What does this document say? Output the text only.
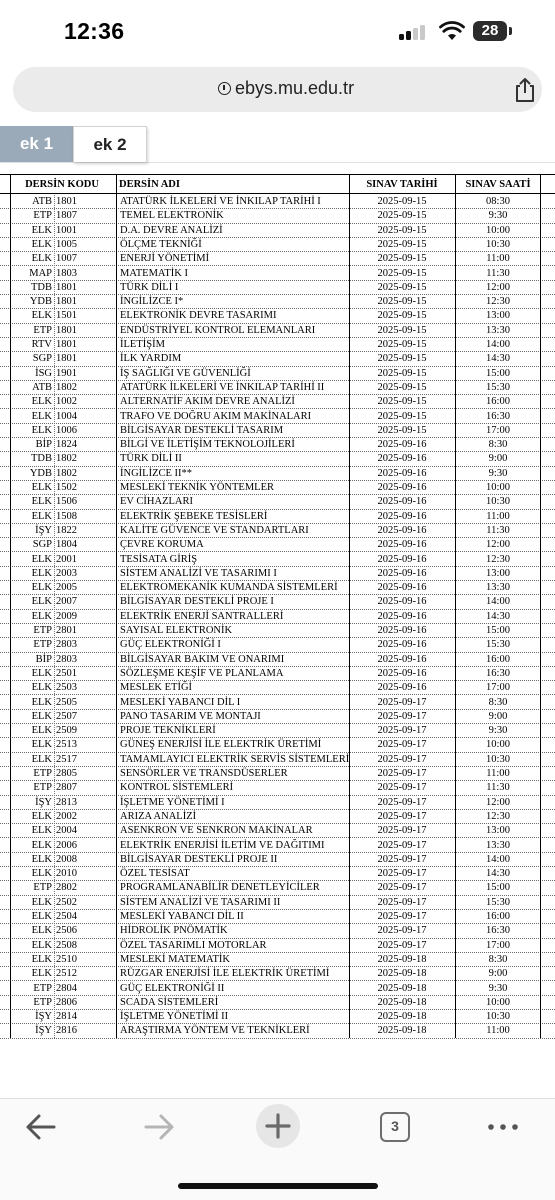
12:36	28
ebys.mu.edu.tr
ek 1	ek 2
DERSİN KODU	DERSİN ADI	SINAV TARİHİ	SINAV SAATİ
ATB 1801	ATATÜRK İLKELERİ VE İNKILAP TARİHİ I	2025-09-15	08:30
ETP 1807	TEMEL ELEKTRONİK	2025-09-15	9:30
ELK 1001	D.A. DEVRE ANALİZİ	2025-09-15	10:00
ELK 1005	ÖLÇME TEKNİĞİ	2025-09-15	10:30
ELK 1007	ENERJİ YÖNETİMİ	2025-09-15	11:00
MAP 1803	MATEMATİK I	2025-09-15	11:30
TDB 1801	TÜRK DİLİ I	2025-09-15	12:00
YDB 1801	İNGİLİZCE I*	2025-09-15	12:30
ELK 1501	ELEKTRONİK DEVRE TASARIMI	2025-09-15	13:00
ETP 1801	ENDÜSTRİYEL KONTROL ELEMANLARI	2025-09-15	13:30
RTV 1801	İLETİŞİM	2025-09-15	14:00
SGP 1801	İLK YARDIM	2025-09-15	14:30
İSG 1901	İŞ SAĞLIĞI VE GÜVENLİĞİ	2025-09-15	15:00
ATB 1802	ATATÜRK İLKELERİ VE İNKILAP TARİHİ II	2025-09-15	15:30
ELK 1002	ALTERNATİF AKIM DEVRE ANALİZİ	2025-09-15	16:00
ELK 1004	TRAFO VE DOĞRU AKIM MAKİNALARI	2025-09-15	16:30
ELK 1006	BİLGİSAYAR DESTEKLİ TASARIM	2025-09-15	17:00
BİP 1824	BİLGİ VE İLETİŞİM TEKNOLOJİLERİ	2025-09-16	8:30
TDB 1802	TÜRK DİLİ II	2025-09-16	9:00
YDB 1802	İNGİLİZCE II**	2025-09-16	9:30
ELK 1502	MESLEKİ TEKNİK YÖNTEMLER	2025-09-16	10:00
ELK 1506	EV CİHAZLARI	2025-09-16	10:30
ELK 1508	ELEKTRİK ŞEBEKE TESİSLERİ	2025-09-16	11:00
İŞY 1822	KALİTE GÜVENCE VE STANDARTLARI	2025-09-16	11:30
SGP 1804	ÇEVRE KORUMA	2025-09-16	12:00
ELK 2001	TESİSATA GİRİŞ	2025-09-16	12:30
ELK 2003	SİSTEM ANALİZİ VE TASARIMI I	2025-09-16	13:00
ELK 2005	ELEKTROMEKANİK KUMANDA SİSTEMLERİ	2025-09-16	13:30
ELK 2007	BİLGİSAYAR DESTEKLİ PROJE I	2025-09-16	14:00
ELK 2009	ELEKTRİK ENERJİ SANTRALLERİ	2025-09-16	14:30
ETP 2801	SAYISAL ELEKTRONİK	2025-09-16	15:00
ETP 2803	GÜÇ ELEKTRONİĞİ I	2025-09-16	15:30
BİP 2803	BİLGİSAYAR BAKIM VE ONARIMI	2025-09-16	16:00
ELK 2501	SÖZLEŞME KEŞİF VE PLANLAMA	2025-09-16	16:30
ELK 2503	MESLEK ETİĞİ	2025-09-16	17:00
ELK 2505	MESLEKİ YABANCI DİL I	2025-09-17	8:30
ELK 2507	PANO TASARIM VE MONTAJI	2025-09-17	9:00
ELK 2509	PROJE TEKNİKLERİ	2025-09-17	9:30
ELK 2513	GÜNEŞ ENERJİSİ İLE ELEKTRİK ÜRETİMİ	2025-09-17	10:00
ELK 2517	TAMAMLAYICI ELEKTRİK SERVİS SİSTEMLERİ	2025-09-17	10:30
ETP 2805	SENSÖRLER VE TRANSDÜSERLER	2025-09-17	11:00
ETP 2807	KONTROL SİSTEMLERİ	2025-09-17	11:30
İŞY 2813	İŞLETME YÖNETİMİ I	2025-09-17	12:00
ELK 2002	ARIZA ANALİZİ	2025-09-17	12:30
ELK 2004	ASENKRON VE SENKRON MAKİNALAR	2025-09-17	13:00
ELK 2006	ELEKTRİK ENERJİSİ İLETİM VE DAĞITIMI	2025-09-17	13:30
ELK 2008	BİLGİSAYAR DESTEKLİ PROJE II	2025-09-17	14:00
ELK 2010	ÖZEL TESİSAT	2025-09-17	14:30
ETP 2802	PROGRAMLANABİLİR DENETLEYİCİLER	2025-09-17	15:00
ELK 2502	SİSTEM ANALİZİ VE TASARIMI II	2025-09-17	15:30
ELK 2504	MESLEKİ YABANCI DİL II	2025-09-17	16:00
ELK 2506	HİDROLİK PNÖMATİK	2025-09-17	16:30
ELK 2508	ÖZEL TASARIMLI MOTORLAR	2025-09-17	17:00
ELK 2510	MESLEKİ MATEMATİK	2025-09-18	8:30
ELK 2512	RÜZGAR ENERJİSİ İLE ELEKTRİK ÜRETİMİ	2025-09-18	9:00
ETP 2804	GÜÇ ELEKTRONİĞİ II	2025-09-18	9:30
ETP 2806	SCADA SİSTEMLERİ	2025-09-18	10:00
İŞY 2814	İŞLETME YÖNETİMİ II	2025-09-18	10:30
İŞY 2816	ARAŞTIRMA YÖNTEM VE TEKNİKLERİ	2025-09-18	11:00
3
